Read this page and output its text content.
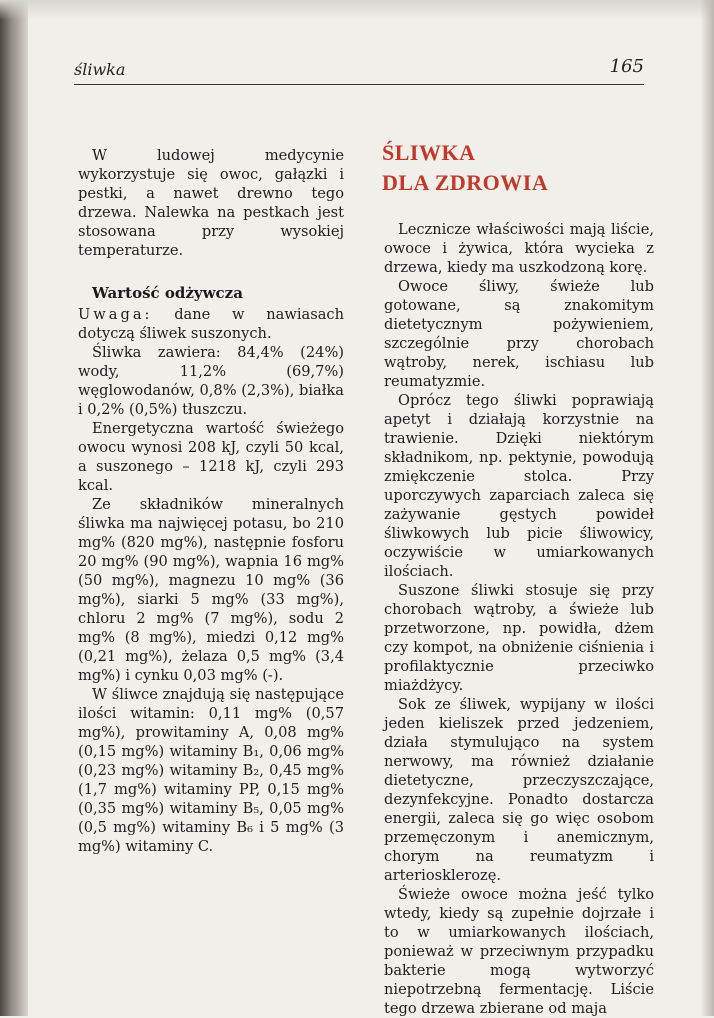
śliwka	165

W ludowej medycynie wykorzystuje się owoc, gałązki i pestki, a nawet drewno tego drzewa. Nalewka na pestkach jest stosowana przy wysokiej temperaturze.

Wartość odżywcza

Uwaga: dane w nawiasach dotyczą śliwek suszonych.

Śliwka zawiera: 84,4% (24%) wody, 11,2% (69,7%) węglowodanów, 0,8% (2,3%), białka i 0,2% (0,5%) tłuszczu.

Energetyczna wartość świeżego owocu wynosi 208 kJ, czyli 50 kcal, a suszonego – 1218 kJ, czyli 293 kcal.

Ze składników mineralnych śliwka ma najwięcej potasu, bo 210 mg% (820 mg%), następnie fosforu 20 mg% (90 mg%), wapnia 16 mg% (50 mg%), magnezu 10 mg% (36 mg%), siarki 5 mg% (33 mg%), chloru 2 mg% (7 mg%), sodu 2 mg% (8 mg%), miedzi 0,12 mg% (0,21 mg%), żelaza 0,5 mg% (3,4 mg%) i cynku 0,03 mg% (-).

W śliwce znajdują się następujące ilości witamin: 0,11 mg% (0,57 mg%), prowitaminy A, 0,08 mg% (0,15 mg%) witaminy B₁, 0,06 mg% (0,23 mg%) witaminy B₂, 0,45 mg% (1,7 mg%) witaminy PP, 0,15 mg% (0,35 mg%) witaminy B₅, 0,05 mg% (0,5 mg%) witaminy B₆ i 5 mg% (3 mg%) witaminy C.

ŚLIWKA
DLA ZDROWIA

Lecznicze właściwości mają liście, owoce i żywica, która wycieka z drzewa, kiedy ma uszkodzoną korę.

Owoce śliwy, świeże lub gotowane, są znakomitym dietetycznym pożywieniem, szczególnie przy chorobach wątroby, nerek, ischiasu lub reumatyzmie.

Oprócz tego śliwki poprawiają apetyt i działają korzystnie na trawienie. Dzięki niektórym składnikom, np. pektynie, powodują zmiękczenie stolca. Przy uporczywych zaparciach zaleca się zażywanie gęstych powideł śliwkowych lub picie śliwowicy, oczywiście w umiarkowanych ilościach.

Suszone śliwki stosuje się przy chorobach wątroby, a świeże lub przetworzone, np. powidła, dżem czy kompot, na obniżenie ciśnienia i profilaktycznie przeciwko miażdżycy.

Sok ze śliwek, wypijany w ilości jeden kieliszek przed jedzeniem, działa stymulująco na system nerwowy, ma również działanie dietetyczne, przeczyszczające, dezynfekcyjne. Ponadto dostarcza energii, zaleca się go więc osobom przemęczonym i anemicznym, chorym na reumatyzm i arteriosklerozę.

Świeże owoce można jeść tylko wtedy, kiedy są zupełnie dojrzałe i to w umiarkowanych ilościach, ponieważ w przeciwnym przypadku bakterie mogą wytworzyć niepotrzebną fermentację. Liście tego drzewa zbierane od maja
